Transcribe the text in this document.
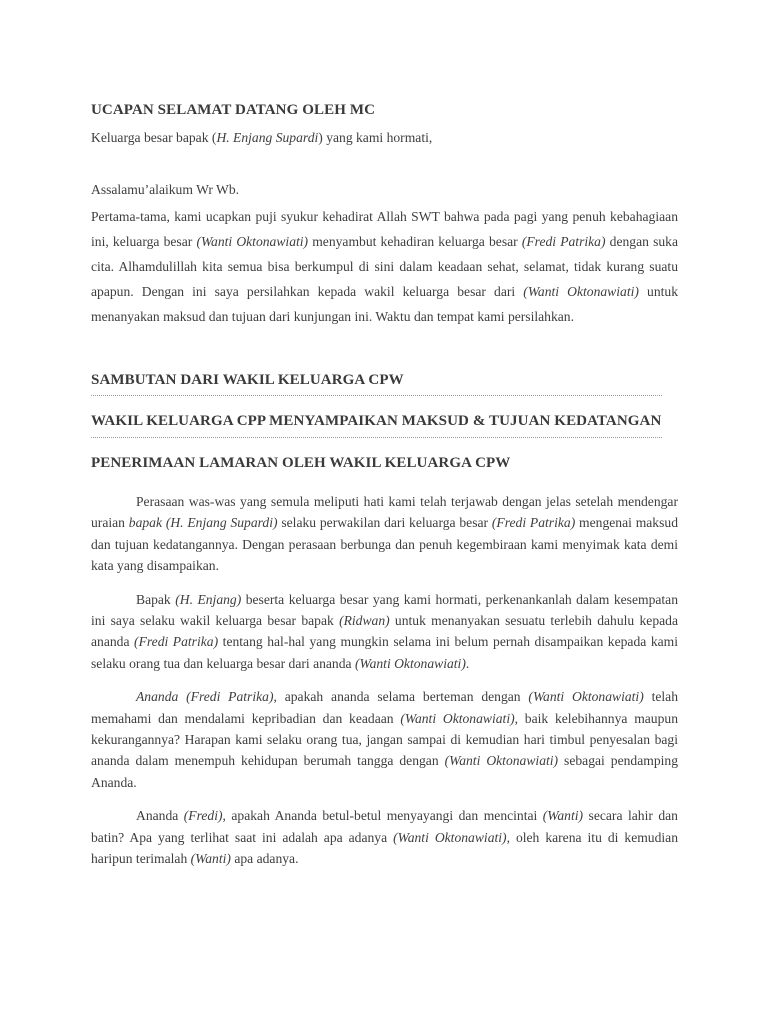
UCAPAN SELAMAT DATANG OLEH MC
Keluarga besar bapak (H. Enjang Supardi) yang kami hormati,
Assalamu’alaikum Wr Wb.
Pertama-tama, kami ucapkan puji syukur kehadirat Allah SWT bahwa pada pagi yang penuh kebahagiaan ini, keluarga besar (Wanti Oktonawiati) menyambut kehadiran keluarga besar (Fredi Patrika) dengan suka cita. Alhamdulillah kita semua bisa berkumpul di sini dalam keadaan sehat, selamat, tidak kurang suatu apapun. Dengan ini saya persilahkan kepada wakil keluarga besar dari (Wanti Oktonawiati) untuk menanyakan maksud dan tujuan dari kunjungan ini. Waktu dan tempat kami persilahkan.
SAMBUTAN DARI WAKIL KELUARGA CPW
WAKIL KELUARGA CPP MENYAMPAIKAN MAKSUD & TUJUAN KEDATANGAN
PENERIMAAN LAMARAN OLEH WAKIL KELUARGA CPW
Perasaan was-was yang semula meliputi hati kami telah terjawab dengan jelas setelah mendengar uraian bapak (H. Enjang Supardi) selaku perwakilan dari keluarga besar (Fredi Patrika) mengenai maksud dan tujuan kedatangannya. Dengan perasaan berbunga dan penuh kegembiraan kami menyimak kata demi kata yang disampaikan.
Bapak (H. Enjang) beserta keluarga besar yang kami hormati, perkenankanlah dalam kesempatan ini saya selaku wakil keluarga besar bapak (Ridwan) untuk menanyakan sesuatu terlebih dahulu kepada ananda (Fredi Patrika) tentang hal-hal yang mungkin selama ini belum pernah disampaikan kepada kami selaku orang tua dan keluarga besar dari ananda (Wanti Oktonawiati).
Ananda (Fredi Patrika), apakah ananda selama berteman dengan (Wanti Oktonawiati) telah memahami dan mendalami kepribadian dan keadaan (Wanti Oktonawiati), baik kelebihannya maupun kekurangannya? Harapan kami selaku orang tua, jangan sampai di kemudian hari timbul penyesalan bagi ananda dalam menempuh kehidupan berumah tangga dengan (Wanti Oktonawiati) sebagai pendamping Ananda.
Ananda (Fredi), apakah Ananda betul-betul menyayangi dan mencintai (Wanti) secara lahir dan batin? Apa yang terlihat saat ini adalah apa adanya (Wanti Oktonawiati), oleh karena itu di kemudian haripun terimalah (Wanti) apa adanya.
